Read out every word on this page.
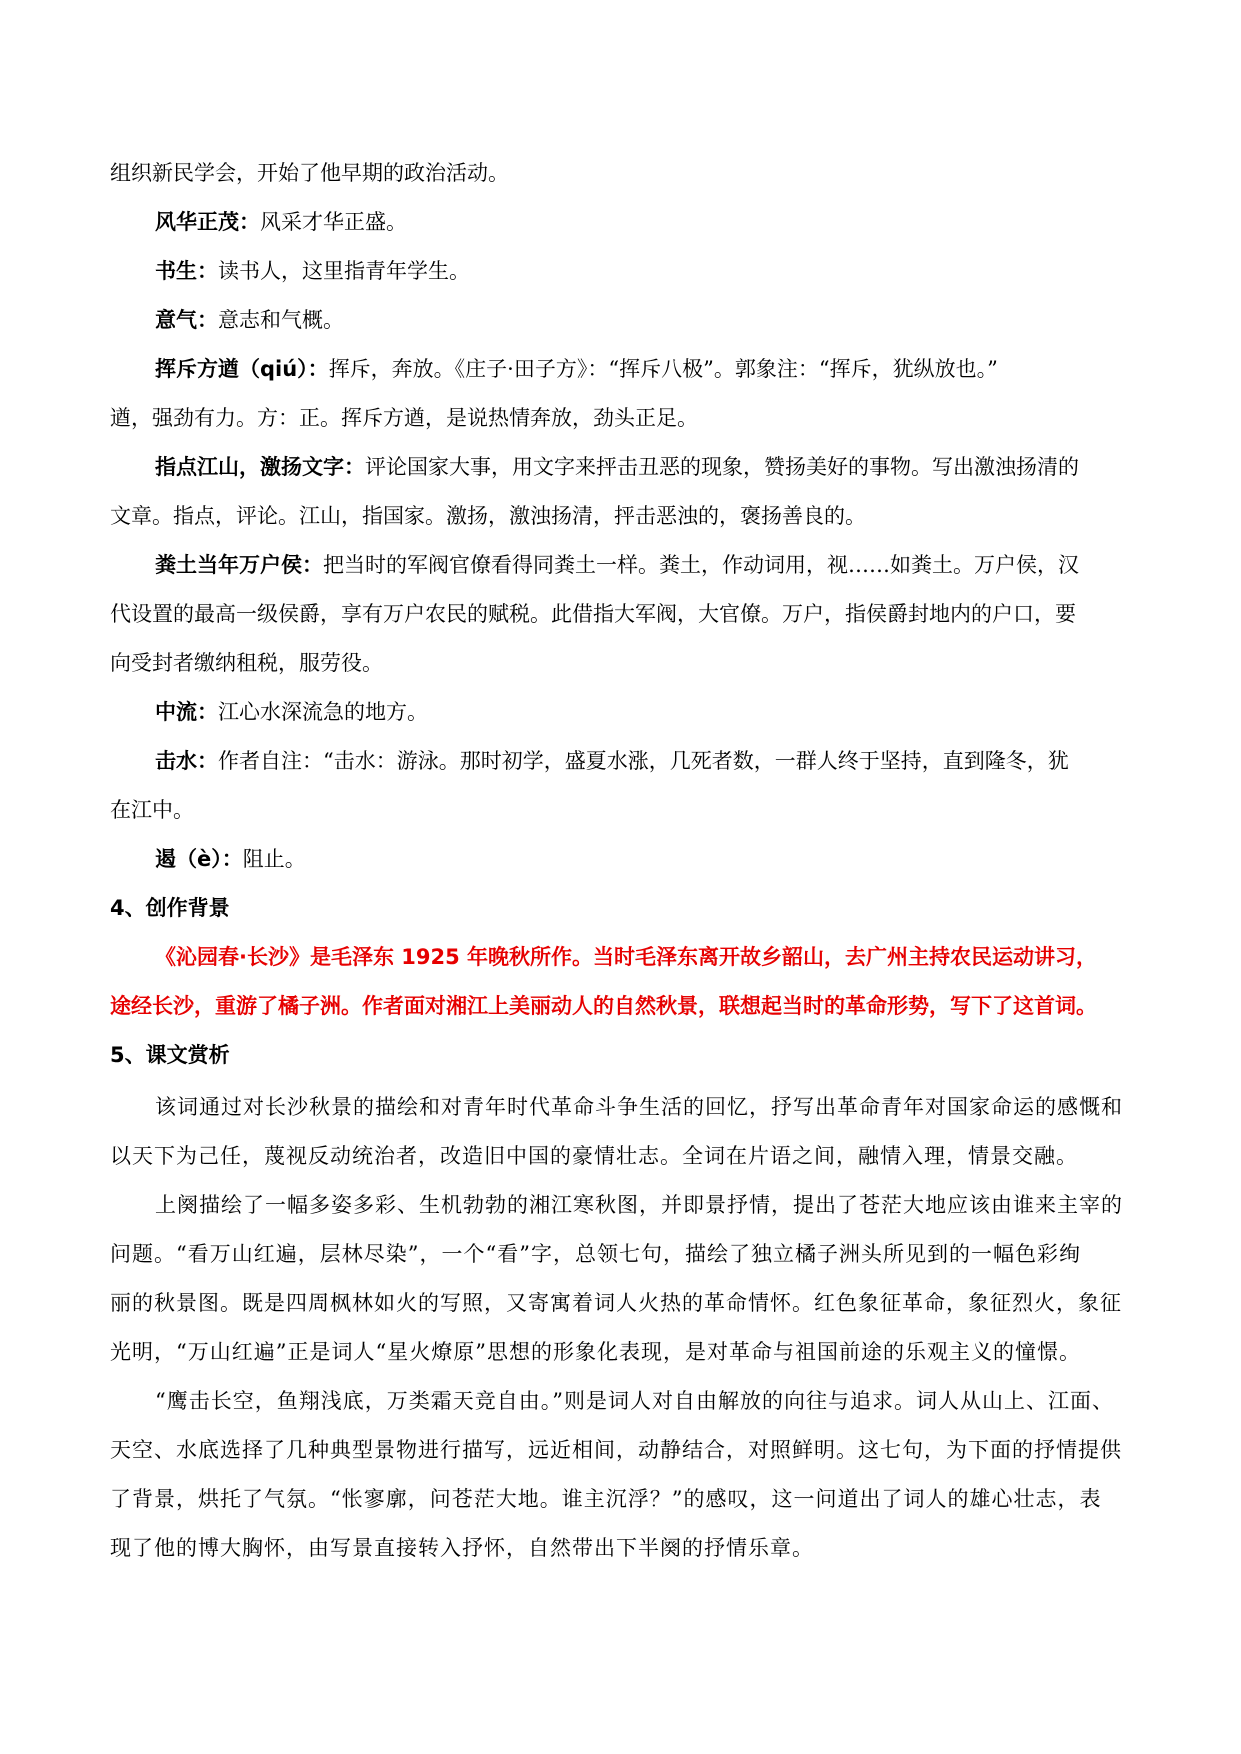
组织新民学会，开始了他早期的政治活动。
风华正茂：风采才华正盛。
书生：读书人，这里指青年学生。
意气：意志和气概。
挥斥方遒（qiú）：挥斥，奔放。《庄子·田子方》：“挥斥八极”。郭象注：“挥斥，犹纵放也。”
遒，强劲有力。方：正。挥斥方遒，是说热情奔放，劲头正足。
指点江山，激扬文字：评论国家大事，用文字来抨击丑恶的现象，赞扬美好的事物。写出激浊扬清的
文章。指点，评论。江山，指国家。激扬，激浊扬清，抨击恶浊的，褒扬善良的。
粪土当年万户侯：把当时的军阀官僚看得同粪土一样。粪土，作动词用，视……如粪土。万户侯，汉
代设置的最高一级侯爵，享有万户农民的赋税。此借指大军阀，大官僚。万户，指侯爵封地内的户口，要
向受封者缴纳租税，服劳役。
中流：江心水深流急的地方。
击水：作者自注：“击水：游泳。那时初学，盛夏水涨，几死者数，一群人终于坚持，直到隆冬，犹
在江中。
遏（è）：阻止。
4、创作背景
《沁园春·长沙》是毛泽东 1925 年晚秋所作。当时毛泽东离开故乡韶山，去广州主持农民运动讲习，
途经长沙，重游了橘子洲。作者面对湘江上美丽动人的自然秋景，联想起当时的革命形势，写下了这首词。
5、课文赏析
该词通过对长沙秋景的描绘和对青年时代革命斗争生活的回忆，抒写出革命青年对国家命运的感慨和
以天下为己任，蔑视反动统治者，改造旧中国的豪情壮志。全词在片语之间，融情入理，情景交融。
上阕描绘了一幅多姿多彩、生机勃勃的湘江寒秋图，并即景抒情，提出了苍茫大地应该由谁来主宰的
问题。“看万山红遍，层林尽染”，一个“看”字，总领七句，描绘了独立橘子洲头所见到的一幅色彩绚
丽的秋景图。既是四周枫林如火的写照，又寄寓着词人火热的革命情怀。红色象征革命，象征烈火，象征
光明，“万山红遍”正是词人“星火燎原”思想的形象化表现，是对革命与祖国前途的乐观主义的憧憬。
“鹰击长空，鱼翔浅底，万类霜天竞自由。”则是词人对自由解放的向往与追求。词人从山上、江面、
天空、水底选择了几种典型景物进行描写，远近相间，动静结合，对照鲜明。这七句，为下面的抒情提供
了背景，烘托了气氛。“怅寥廓，问苍茫大地。谁主沉浮？”的感叹，这一问道出了词人的雄心壮志，表
现了他的博大胸怀，由写景直接转入抒怀，自然带出下半阕的抒情乐章。
